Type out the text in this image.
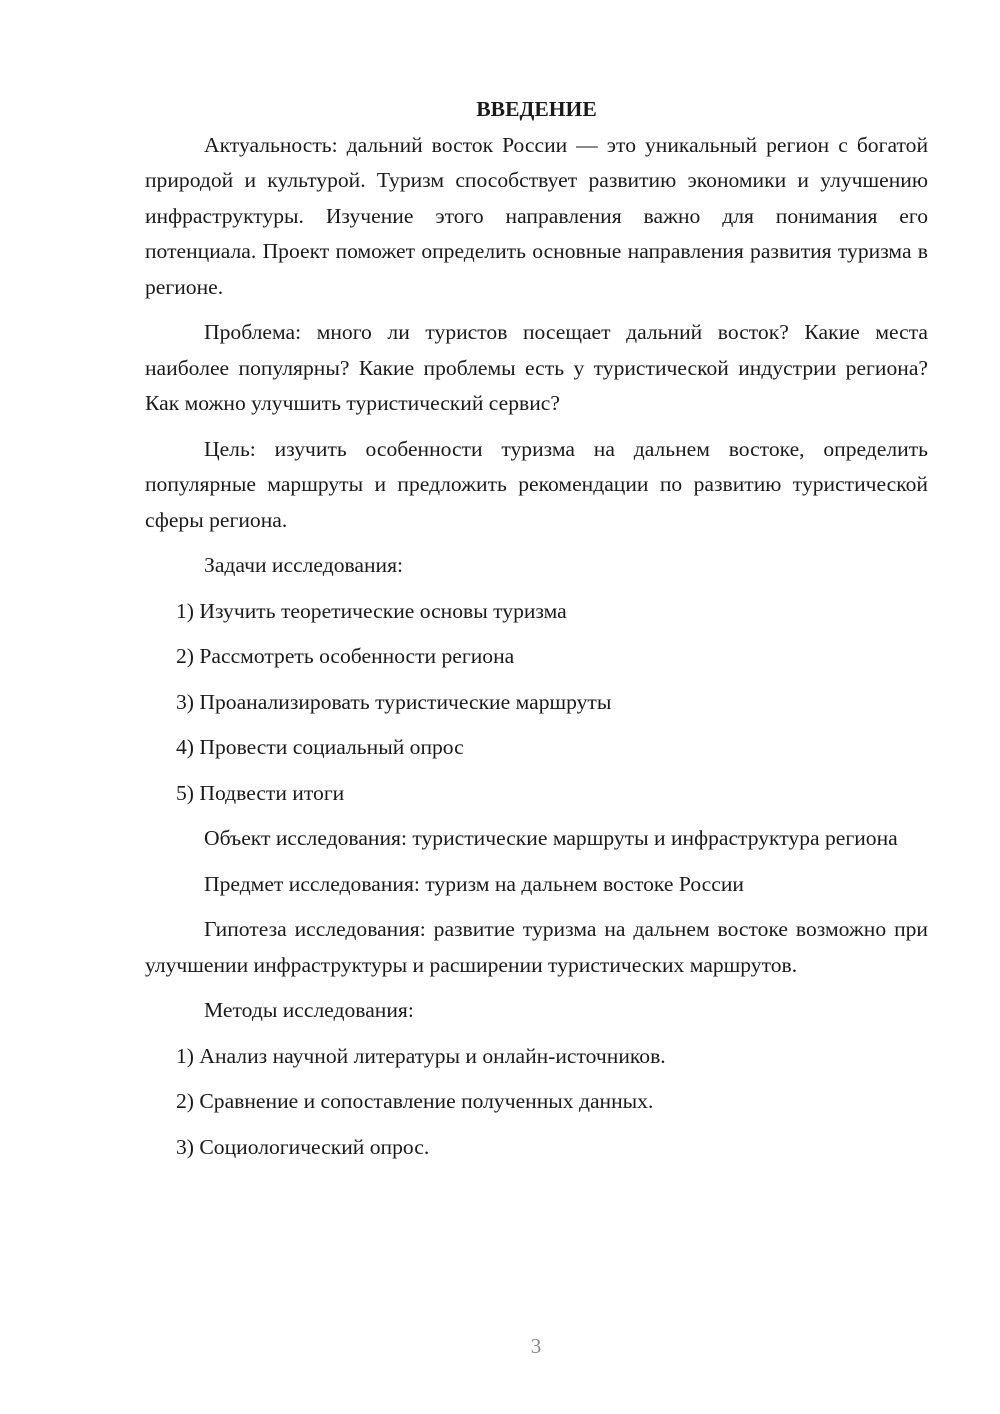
ВВЕДЕНИЕ

Актуальность: дальний восток России — это уникальный регион с богатой природой и культурой. Туризм способствует развитию экономики и улучшению инфраструктуры. Изучение этого направления важно для понимания его потенциала. Проект поможет определить основные направления развития туризма в регионе.

Проблема: много ли туристов посещает дальний восток? Какие места наиболее популярны? Какие проблемы есть у туристической индустрии региона? Как можно улучшить туристический сервис?

Цель: изучить особенности туризма на дальнем востоке, определить популярные маршруты и предложить рекомендации по развитию туристической сферы региона.

Задачи исследования:

1) Изучить теоретические основы туризма
2) Рассмотреть особенности региона
3) Проанализировать туристические маршруты
4) Провести социальный опрос
5) Подвести итоги

Объект исследования: туристические маршруты и инфраструктура региона

Предмет исследования: туризм на дальнем востоке России

Гипотеза исследования: развитие туризма на дальнем востоке возможно при улучшении инфраструктуры и расширении туристических маршрутов.

Методы исследования:

1) Анализ научной литературы и онлайн-источников.
2) Сравнение и сопоставление полученных данных.
3) Социологический опрос.
3
